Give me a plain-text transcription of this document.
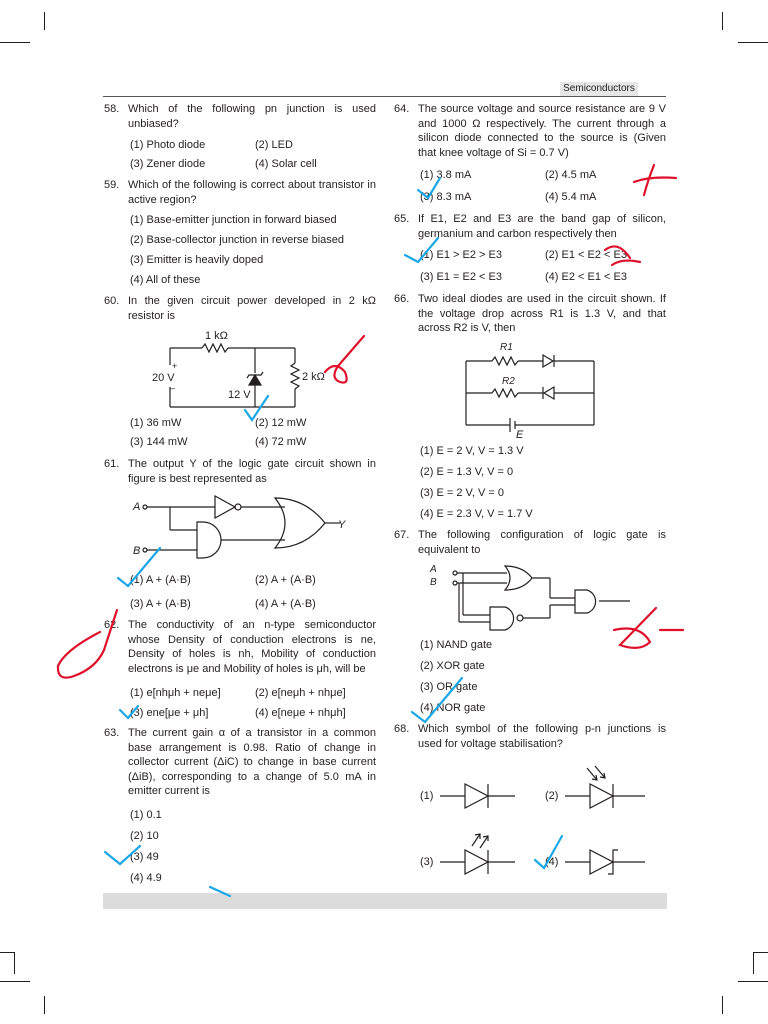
Semiconductors
58. Which of the following pn junction is used unbiased?
(1) Photo diode	(2) LED
(3) Zener diode	(4) Solar cell
59. Which of the following is correct about transistor in active region?
(1) Base-emitter junction in forward biased
(2) Base-collector junction in reverse biased
(3) Emitter is heavily doped
(4) All of these
60. In the given circuit power developed in 2 kΩ resistor is
1 kΩ
+
20 V
–
12 V
2 kΩ
(1) 36 mW	(2) 12 mW
(3) 144 mW	(4) 72 mW
61. The output Y of the logic gate circuit shown in figure is best represented as
A
B
Y
(1) A + (A·B)	(2) A + (A·B)
(3) A + (A·B)	(4) A + (A·B)
62. The conductivity of an n-type semiconductor whose Density of conduction electrons is ne, Density of holes is nh, Mobility of conduction electrons is μe and Mobility of holes is μh, will be
(1) e[nhμh + neμe]	(2) e[neμh + nhμe]
(3) ene[μe + μh]	(4) e[neμe + nhμh]
63. The current gain α of a transistor in a common base arrangement is 0.98. Ratio of change in collector current (ΔiC) to change in base current (ΔiB), corresponding to a change of 5.0 mA in emitter current is
(1) 0.1
(2) 10
(3) 49
(4) 4.9
64. The source voltage and source resistance are 9 V and 1000 Ω respectively. The current through a silicon diode connected to the source is (Given that knee voltage of Si = 0.7 V)
(1) 3.8 mA	(2) 4.5 mA
(3) 8.3 mA	(4) 5.4 mA
65. If E1, E2 and E3 are the band gap of silicon, germanium and carbon respectively then
(1) E1 > E2 > E3	(2) E1 < E2 < E3
(3) E1 = E2 < E3	(4) E2 < E1 < E3
66. Two ideal diodes are used in the circuit shown. If the voltage drop across R1 is 1.3 V, and that across R2 is V, then
R1
R2
E
(1) E = 2 V, V = 1.3 V
(2) E = 1.3 V, V = 0
(3) E = 2 V, V = 0
(4) E = 2.3 V, V = 1.7 V
67. The following configuration of logic gate is equivalent to
A
B
(1) NAND gate
(2) XOR gate
(3) OR gate
(4) NOR gate
68. Which symbol of the following p-n junctions is used for voltage stabilisation?
(1)	(2)
(3)	(4)
